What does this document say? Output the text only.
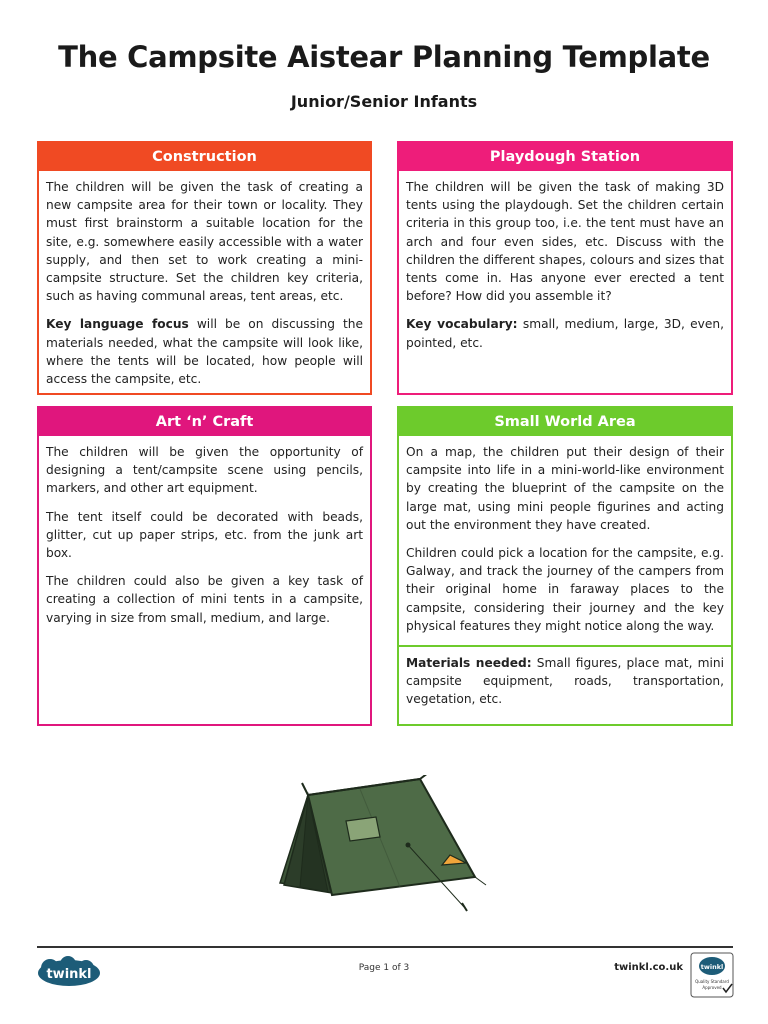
The Campsite Aistear Planning Template
Junior/Senior Infants
Construction

The children will be given the task of creating a new campsite area for their town or locality. They must first brainstorm a suitable location for the site, e.g. somewhere easily accessible with a water supply, and then set to work creating a mini-campsite structure. Set the children key criteria, such as having communal areas, tent areas, etc.

Key language focus will be on discussing the materials needed, what the campsite will look like, where the tents will be located, how people will access the campsite, etc.

Playdough Station

The children will be given the task of making 3D tents using the playdough. Set the children certain criteria in this group too, i.e. the tent must have an arch and four even sides, etc. Discuss with the children the different shapes, colours and sizes that tents come in. Has anyone ever erected a tent before? How did you assemble it?

Key vocabulary: small, medium, large, 3D, even, pointed, etc.

Art ‘n’ Craft

The children will be given the opportunity of designing a tent/campsite scene using pencils, markers, and other art equipment.

The tent itself could be decorated with beads, glitter, cut up paper strips, etc. from the junk art box.

The children could also be given a key task of creating a collection of mini tents in a campsite, varying in size from small, medium, and large.

Small World Area

On a map, the children put their design of their campsite into life in a mini-world-like environment by creating the blueprint of the campsite on the large mat, using mini people figurines and acting out the environment they have created.

Children could pick a location for the campsite, e.g. Galway, and track the journey of the campers from their original home in faraway places to the campsite, considering their journey and the key physical features they might notice along the way.

Materials needed: Small figures, place mat, mini campsite equipment, roads, transportation, vegetation, etc.

twinkl	Page 1 of 3	twinkl.co.uk	twinkl
Quality Standard
Approved
